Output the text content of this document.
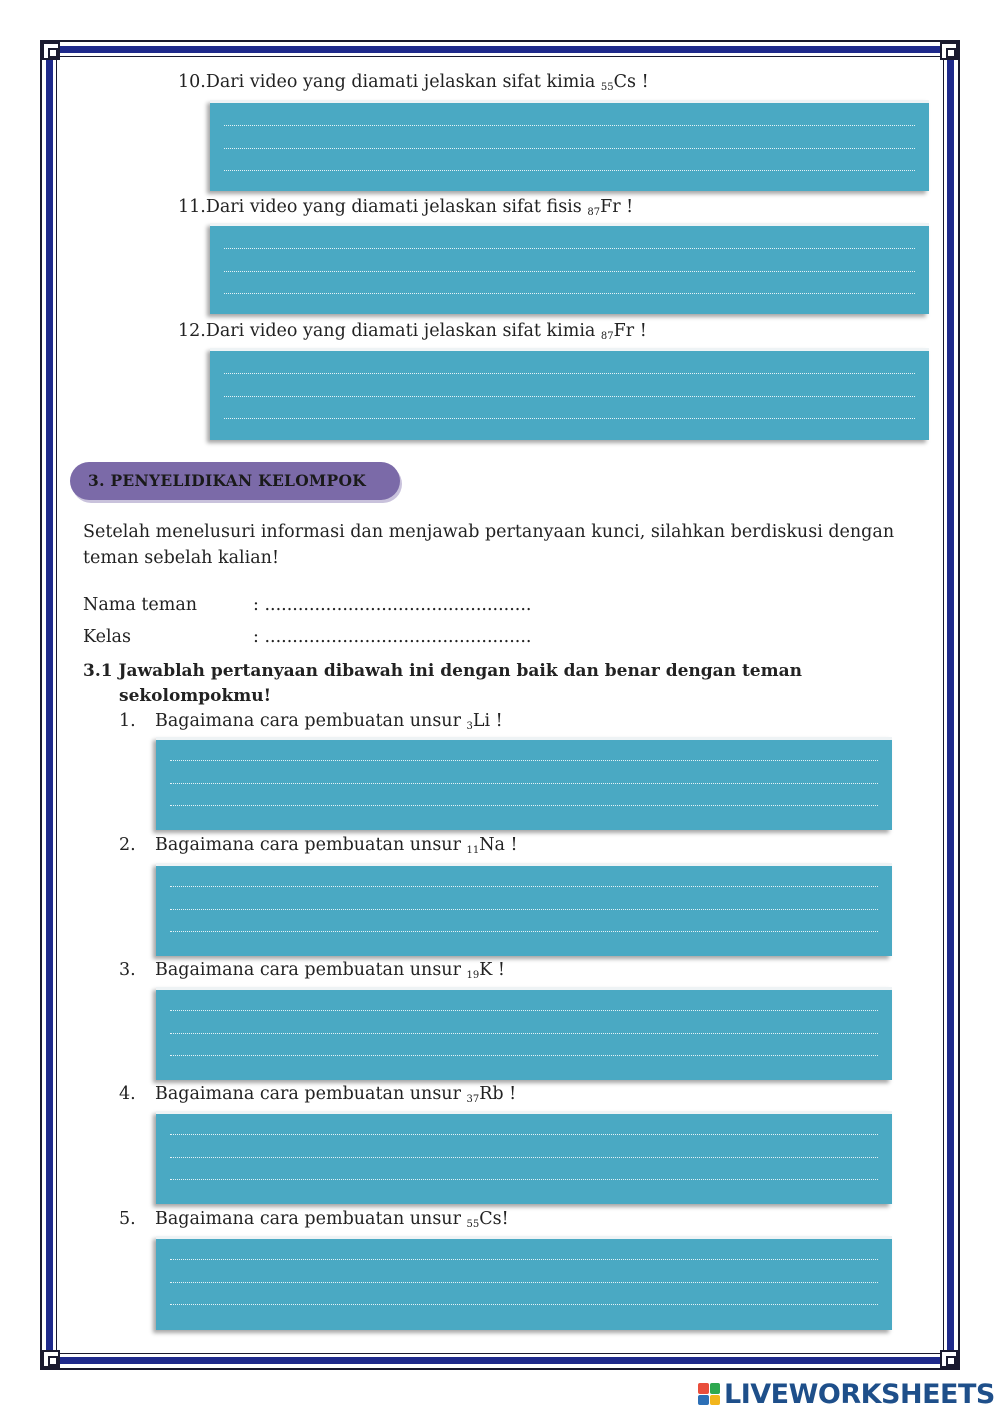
10.Dari video yang diamati jelaskan sifat kimia $_{55}$Cs !
11.Dari video yang diamati jelaskan sifat fisis $_{87}$Fr !
12.Dari video yang diamati jelaskan sifat kimia $_{87}$Fr !
3. PENYELIDIKAN KELOMPOK
Setelah menelusuri informasi dan menjawab pertanyaan kunci, silahkan berdiskusi dengan teman sebelah kalian!
Nama teman	: ................................................
Kelas	: ................................................
3.1 Jawablah pertanyaan dibawah ini dengan baik dan benar dengan teman
sekolompokmu!
1. Bagaimana cara pembuatan unsur $_3$Li !
2. Bagaimana cara pembuatan unsur $_{11}$Na !
3. Bagaimana cara pembuatan unsur $_{19}$K !
4. Bagaimana cara pembuatan unsur $_{37}$Rb !
5. Bagaimana cara pembuatan unsur $_{55}$Cs!
LIVEWORKSHEETS
